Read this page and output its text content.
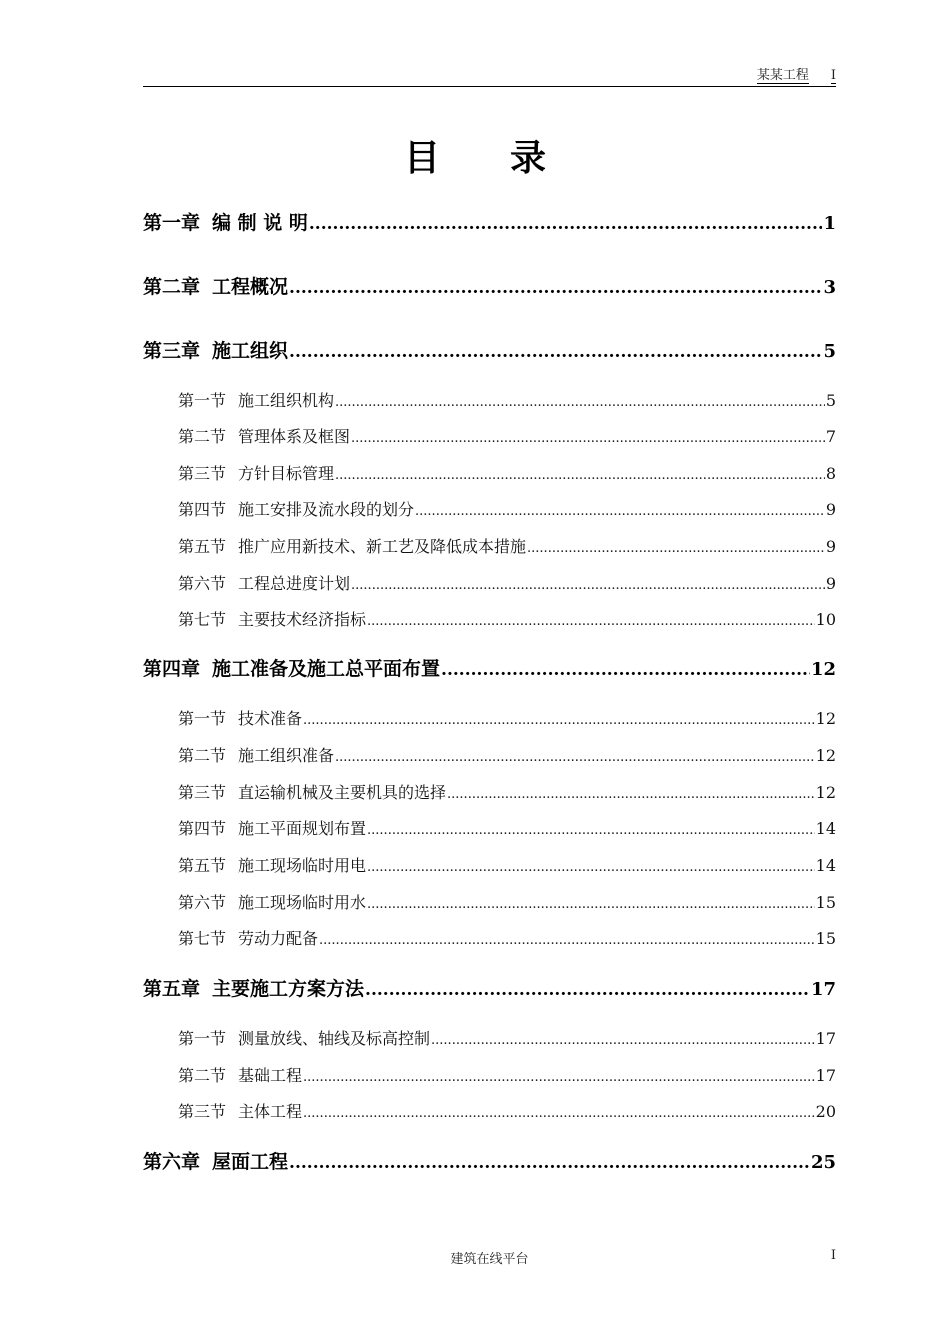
某某工程 I
目录
第一章 编 制 说 明 .....	1
第二章 工程概况 .....	3
第三章 施工组织 .....	5
第一节 施工组织机构 .....	5
第二节 管理体系及框图 .....	7
第三节 方针目标管理 .....	8
第四节 施工安排及流水段的划分 .....	9
第五节 推广应用新技术、新工艺及降低成本措施 .....	9
第六节 工程总进度计划 .....	9
第七节 主要技术经济指标 .....	10
第四章 施工准备及施工总平面布置 .....	12
第一节 技术准备 .....	12
第二节 施工组织准备 .....	12
第三节 直运输机械及主要机具的选择 .....	12
第四节 施工平面规划布置 .....	14
第五节 施工现场临时用电 .....	14
第六节 施工现场临时用水 .....	15
第七节 劳动力配备 .....	15
第五章 主要施工方案方法 .....	17
第一节 测量放线、轴线及标高控制 .....	17
第二节 基础工程 .....	17
第三节 主体工程 .....	20
第六章 屋面工程 .....	25
建筑在线平台	I
